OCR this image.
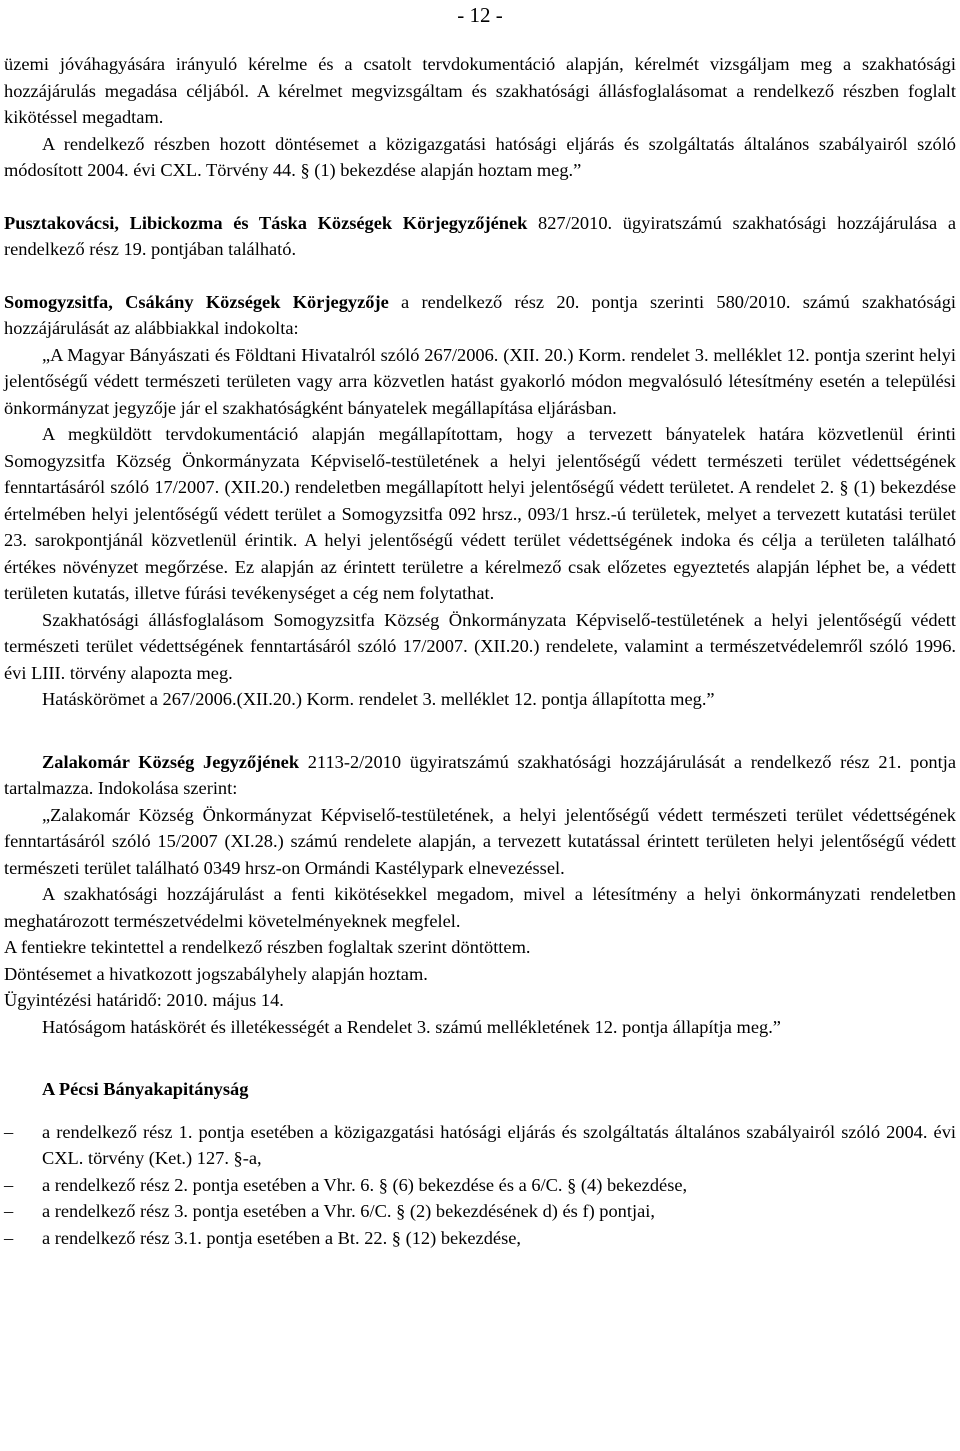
- 12 -

üzemi jóváhagyására irányuló kérelme és a csatolt tervdokumentáció alapján, kérelmét vizsgáljam meg a szakhatósági hozzájárulás megadása céljából. A kérelmet megvizsgáltam és szakhatósági állásfoglalásomat a rendelkező részben foglalt kikötéssel megadtam.

A rendelkező részben hozott döntésemet a közigazgatási hatósági eljárás és szolgáltatás általános szabályairól szóló módosított 2004. évi CXL. Törvény 44. § (1) bekezdése alapján hoztam meg.”

Pusztakovácsi, Libickozma és Táska Községek Körjegyzőjének 827/2010. ügyiratszámú szakhatósági hozzájárulása a rendelkező rész 19. pontjában található.

Somogyzsitfa, Csákány Községek Körjegyzője a rendelkező rész 20. pontja szerinti 580/2010. számú szakhatósági hozzájárulását az alábbiakkal indokolta:

„A Magyar Bányászati és Földtani Hivatalról szóló 267/2006. (XII. 20.) Korm. rendelet 3. melléklet 12. pontja szerint helyi jelentőségű védett természeti területen vagy arra közvetlen hatást gyakorló módon megvalósuló létesítmény esetén a települési önkormányzat jegyzője jár el szakhatóságként bányatelek megállapítása eljárásban.

A megküldött tervdokumentáció alapján megállapítottam, hogy a tervezett bányatelek határa közvetlenül érinti Somogyzsitfa Község Önkormányzata Képviselő-testületének a helyi jelentőségű védett természeti terület védettségének fenntartásáról szóló 17/2007. (XII.20.) rendeletben megállapított helyi jelentőségű védett területet. A rendelet 2. § (1) bekezdése értelmében helyi jelentőségű védett terület a Somogyzsitfa 092 hrsz., 093/1 hrsz.-ú területek, melyet a tervezett kutatási terület 23. sarokpontjánál közvetlenül érintik. A helyi jelentőségű védett terület védettségének indoka és célja a területen található értékes növényzet megőrzése. Ez alapján az érintett területre a kérelmező csak előzetes egyeztetés alapján léphet be, a védett területen kutatás, illetve fúrási tevékenységet a cég nem folytathat.

Szakhatósági állásfoglalásom Somogyzsitfa Község Önkormányzata Képviselő-testületének a helyi jelentőségű védett természeti terület védettségének fenntartásáról szóló 17/2007. (XII.20.) rendelete, valamint a természetvédelemről szóló 1996. évi LIII. törvény alapozta meg.

Hatáskörömet a 267/2006.(XII.20.) Korm. rendelet 3. melléklet 12. pontja állapította meg.”

Zalakomár Község Jegyzőjének 2113-2/2010 ügyiratszámú szakhatósági hozzájárulását a rendelkező rész 21. pontja tartalmazza. Indokolása szerint:

„Zalakomár Község Önkormányzat Képviselő-testületének, a helyi jelentőségű védett természeti terület védettségének fenntartásáról szóló 15/2007 (XI.28.) számú rendelete alapján, a tervezett kutatással érintett területen helyi jelentőségű védett természeti terület található 0349 hrsz-on Ormándi Kastélypark elnevezéssel.

A szakhatósági hozzájárulást a fenti kikötésekkel megadom, mivel a létesítmény a helyi önkormányzati rendeletben meghatározott természetvédelmi követelményeknek megfelel.

A fentiekre tekintettel a rendelkező részben foglaltak szerint döntöttem.

Döntésemet a hivatkozott jogszabályhely alapján hoztam.

Ügyintézési határidő: 2010. május 14.

Hatóságom hatáskörét és illetékességét a Rendelet 3. számú mellékletének 12. pontja állapítja meg.”

A Pécsi Bányakapitányság

– a rendelkező rész 1. pontja esetében a közigazgatási hatósági eljárás és szolgáltatás általános szabályairól szóló 2004. évi CXL. törvény (Ket.) 127. §-a,
– a rendelkező rész 2. pontja esetében a Vhr. 6. § (6) bekezdése és a 6/C. § (4) bekezdése,
– a rendelkező rész 3. pontja esetében a Vhr. 6/C. § (2) bekezdésének d) és f) pontjai,
– a rendelkező rész 3.1. pontja esetében a Bt. 22. § (12) bekezdése,
